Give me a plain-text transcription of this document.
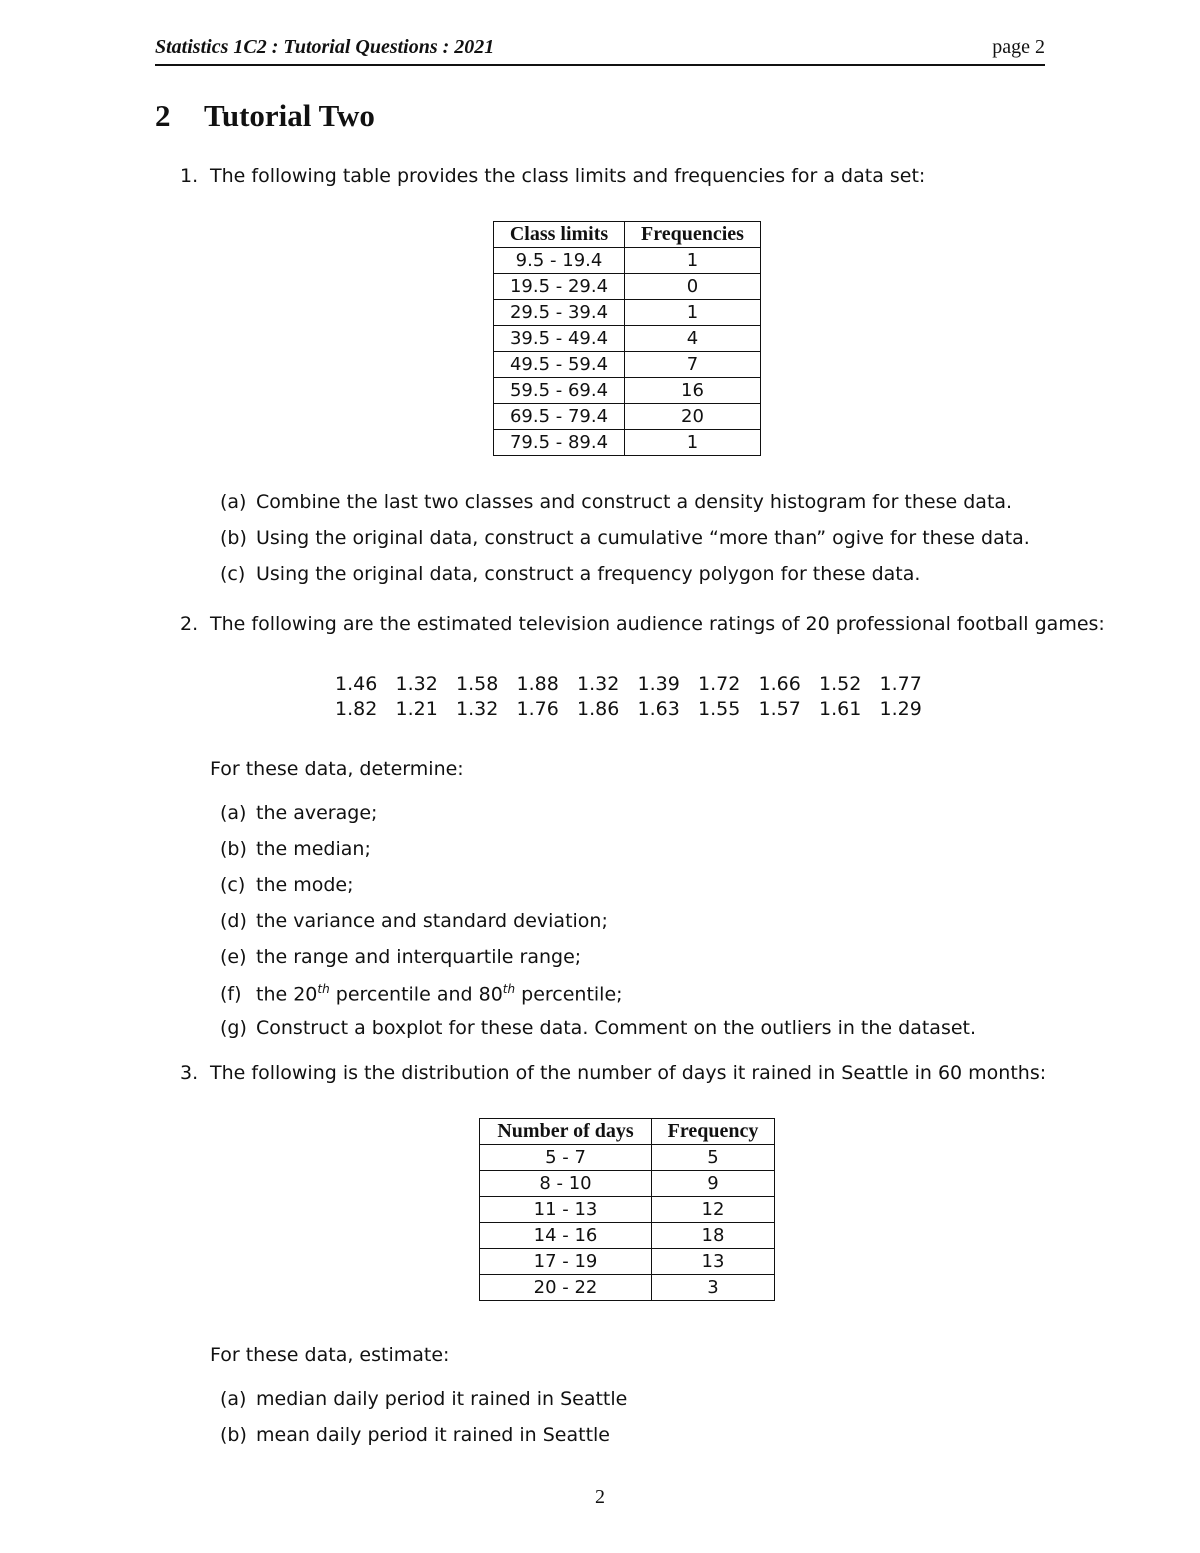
Statistics 1C2 : Tutorial Questions : 2021	page 2
2 Tutorial Two
1. The following table provides the class limits and frequencies for a data set:
Class limits	Frequencies
9.5 - 19.4	1
19.5 - 29.4	0
29.5 - 39.4	1
39.5 - 49.4	4
49.5 - 59.4	7
59.5 - 69.4	16
69.5 - 79.4	20
79.5 - 89.4	1
(a) Combine the last two classes and construct a density histogram for these data.
(b) Using the original data, construct a cumulative “more than” ogive for these data.
(c) Using the original data, construct a frequency polygon for these data.
2. The following are the estimated television audience ratings of 20 professional football games:
1.46 1.32 1.58 1.88 1.32 1.39 1.72 1.66 1.52 1.77
1.82 1.21 1.32 1.76 1.86 1.63 1.55 1.57 1.61 1.29
For these data, determine:
(a) the average;
(b) the median;
(c) the mode;
(d) the variance and standard deviation;
(e) the range and interquartile range;
(f) the 20th percentile and 80th percentile;
(g) Construct a boxplot for these data. Comment on the outliers in the dataset.
3. The following is the distribution of the number of days it rained in Seattle in 60 months:
Number of days	Frequency
5 - 7	5
8 - 10	9
11 - 13	12
14 - 16	18
17 - 19	13
20 - 22	3
For these data, estimate:
(a) median daily period it rained in Seattle
(b) mean daily period it rained in Seattle
2
